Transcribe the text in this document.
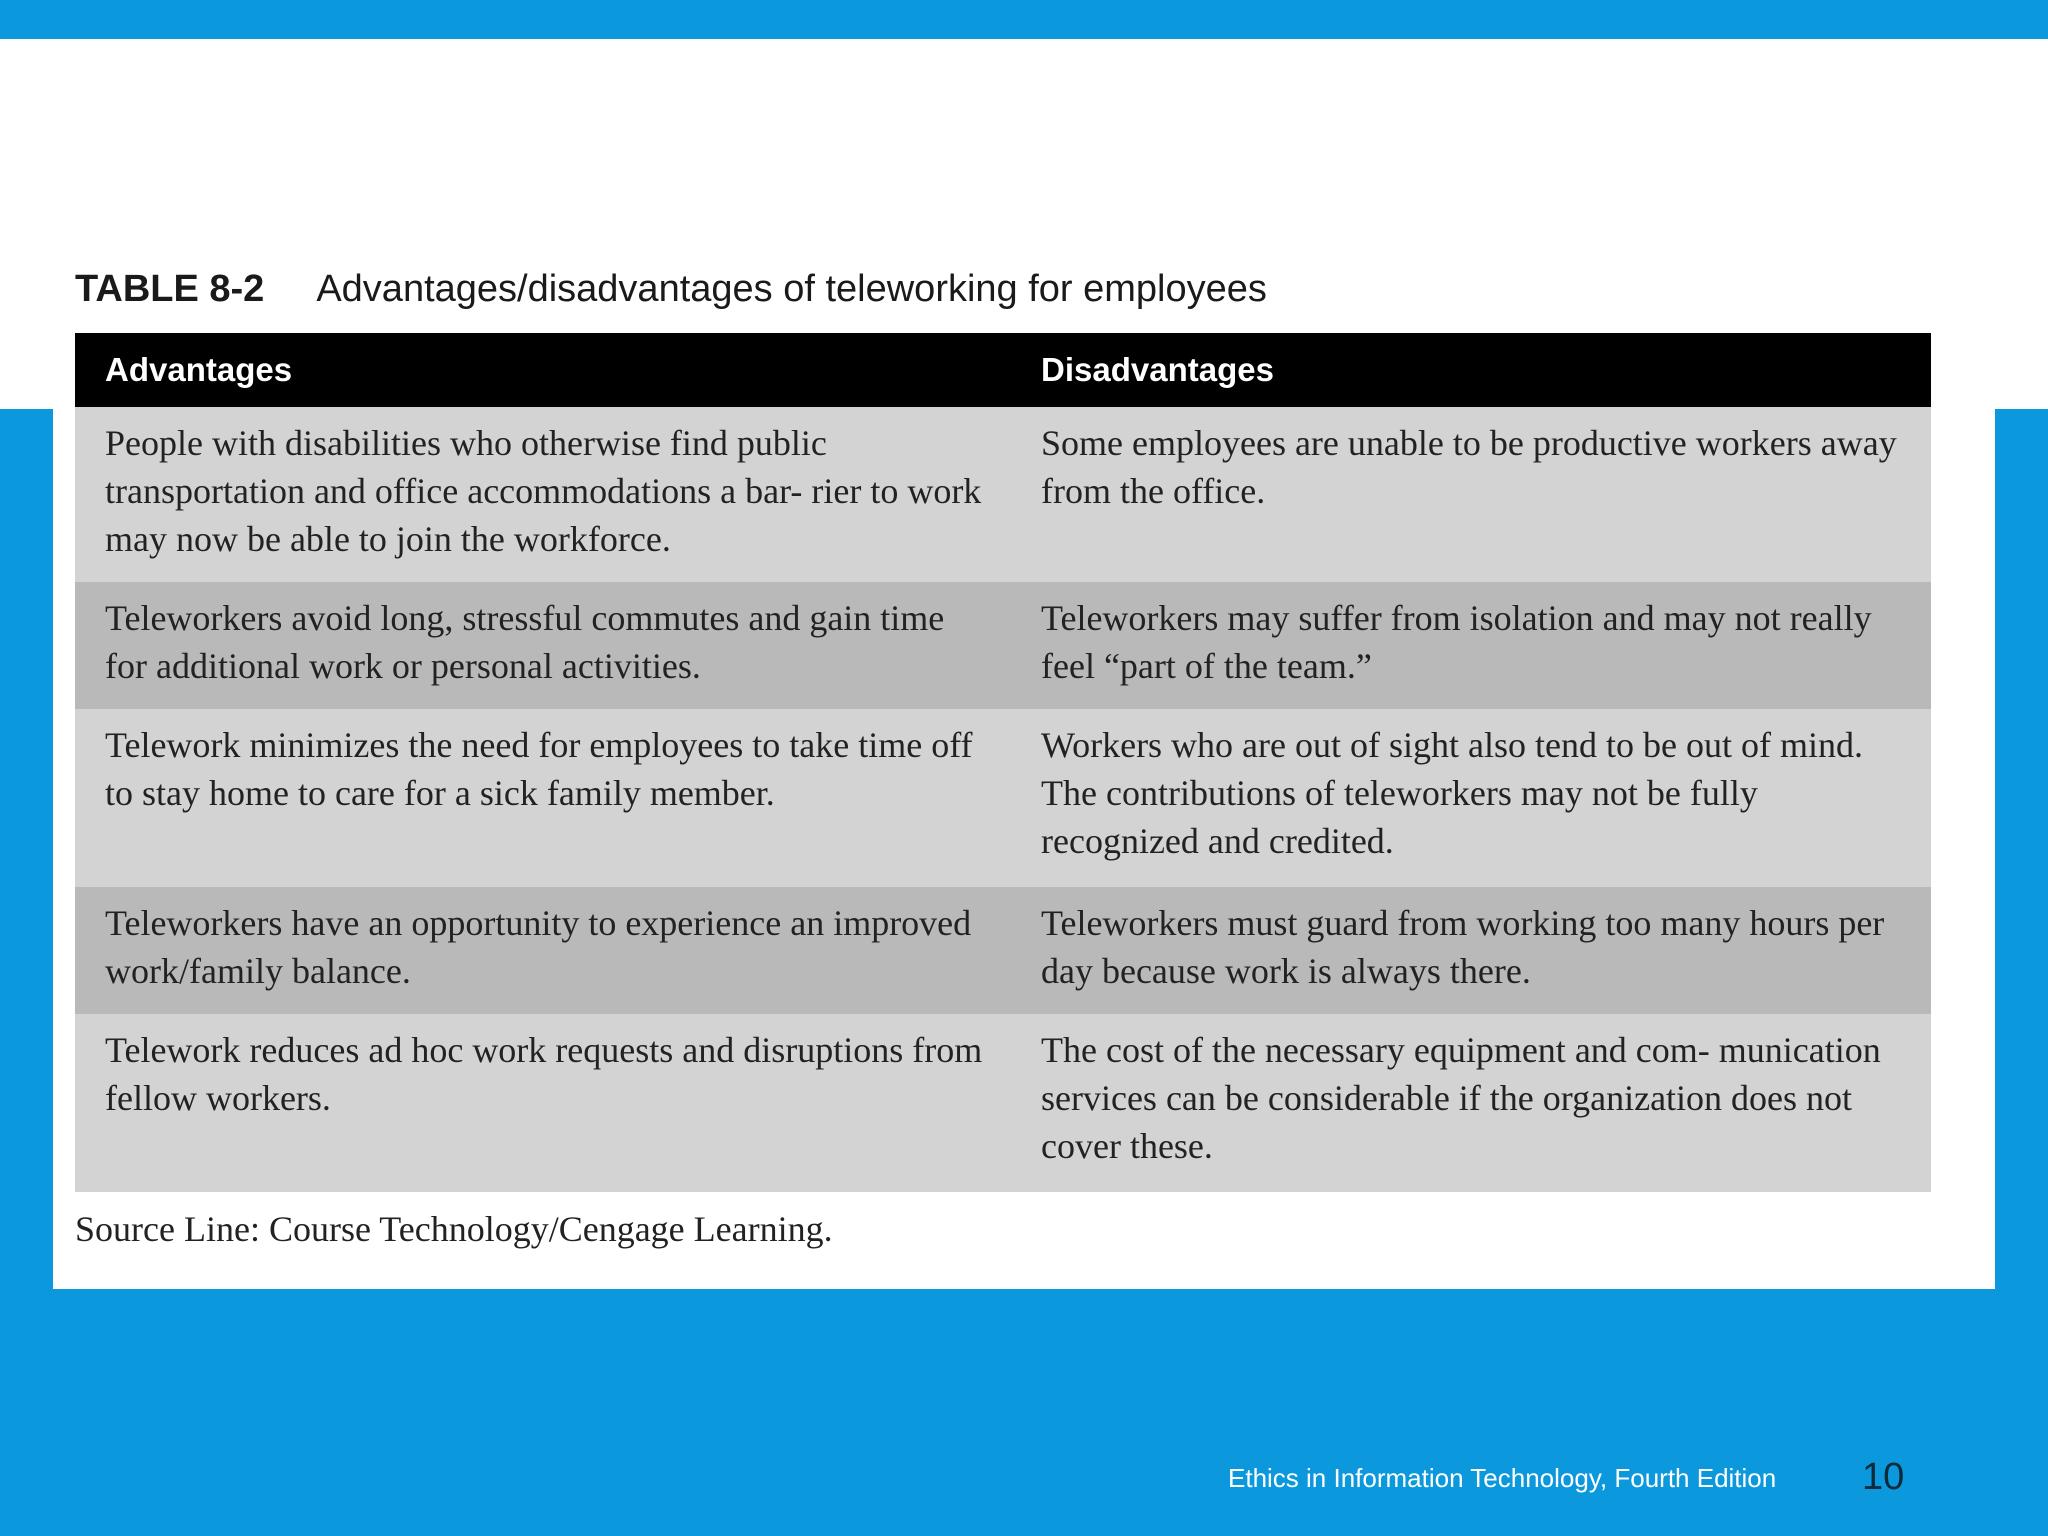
TABLE 8-2 Advantages/disadvantages of teleworking for employees
Advantages	Disadvantages
People with disabilities who otherwise find public transportation and office accommodations a bar- rier to work may now be able to join the workforce.	Some employees are unable to be productive workers away from the office.
Teleworkers avoid long, stressful commutes and gain time for additional work or personal activities.	Teleworkers may suffer from isolation and may not really feel “part of the team.”
Telework minimizes the need for employees to take time off to stay home to care for a sick family member.	Workers who are out of sight also tend to be out of mind. The contributions of teleworkers may not be fully recognized and credited.
Teleworkers have an opportunity to experience an improved work/family balance.	Teleworkers must guard from working too many hours per day because work is always there.
Telework reduces ad hoc work requests and disruptions from fellow workers.	The cost of the necessary equipment and com- munication services can be considerable if the organization does not cover these.
Source Line: Course Technology/Cengage Learning.
Ethics in Information Technology, Fourth Edition 10
